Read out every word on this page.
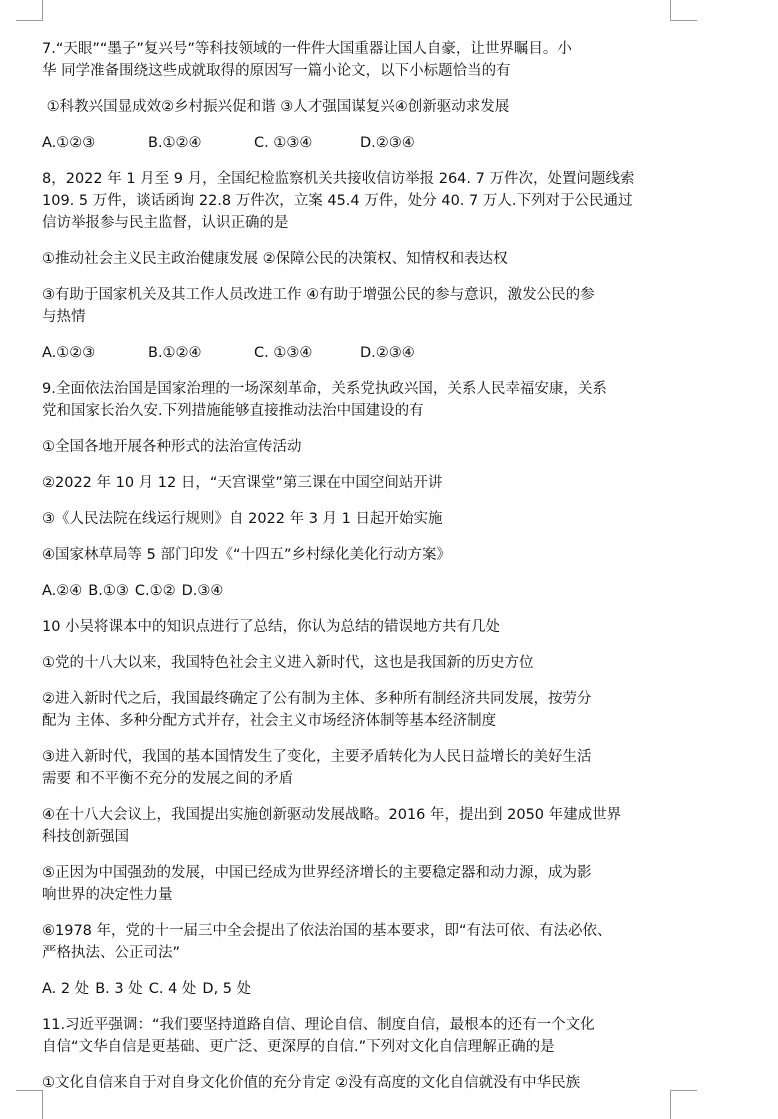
7.“天眼”“墨子”复兴号”等科技领域的一件件大国重器让国人自豪，让世界瞩目。小
华 同学准备围绕这些成就取得的原因写一篇小论文，以下小标题恰当的有

①科教兴国显成效②乡村振兴促和谐 ③人才强国谋复兴④创新驱动求发展

A.①②③	B.①②④	C. ①③④	D.②③④

8，2022 年 1 月至 9 月，全国纪检监察机关共接收信访举报 264. 7 万件次，处置问题线索
109. 5 万件，谈话函询 22.8 万件次，立案 45.4 万件，处分 40. 7 万人.下列对于公民通过
信访举报参与民主监督，认识正确的是

①推动社会主义民主政治健康发展 ②保障公民的决策权、知情权和表达权

③有助于国家机关及其工作人员改进工作 ④有助于增强公民的参与意识，激发公民的参
与热情

A.①②③	B.①②④	C. ①③④	D.②③④

9.全面依法治国是国家治理的一场深刻革命，关系党执政兴国，关系人民幸福安康，关系
党和国家长治久安.下列措施能够直接推动法治中国建设的有

①全国各地开展各种形式的法治宣传活动

②2022 年 10 月 12 日，“天宫课堂”第三课在中国空间站开讲

③《人民法院在线运行规则》自 2022 年 3 月 1 日起开始实施

④国家林草局等 5 部门印发《“十四五”乡村绿化美化行动方案》

A.②④ B.①③ C.①② D.③④

10 小吴将课本中的知识点进行了总结，你认为总结的错误地方共有几处

①党的十八大以来，我国特色社会主义进入新时代，这也是我国新的历史方位

②进入新时代之后，我国最终确定了公有制为主体、多种所有制经济共同发展，按劳分
配为 主体、多种分配方式并存，社会主义市场经济体制等基本经济制度

③进入新时代，我国的基本国情发生了变化，主要矛盾转化为人民日益增长的美好生活
需要 和不平衡不充分的发展之间的矛盾

④在十八大会议上，我国提出实施创新驱动发展战略。2016 年，提出到 2050 年建成世界
科技创新强国

⑤正因为中国强劲的发展，中国已经成为世界经济增长的主要稳定器和动力源，成为影
响世界的决定性力量

⑥1978 年，党的十一届三中全会提出了依法治国的基本要求，即“有法可依、有法必依、
严格执法、公正司法”

A. 2 处 B. 3 处 C. 4 处 D, 5 处

11.习近平强调：“我们要坚持道路自信、理论自信、制度自信，最根本的还有一个文化
自信“文华自信是更基础、更广泛、更深厚的自信.”下列对文化自信理解正确的是

①文化自信来自于对自身文化价值的充分肯定 ②没有高度的文化自信就没有中华民族
